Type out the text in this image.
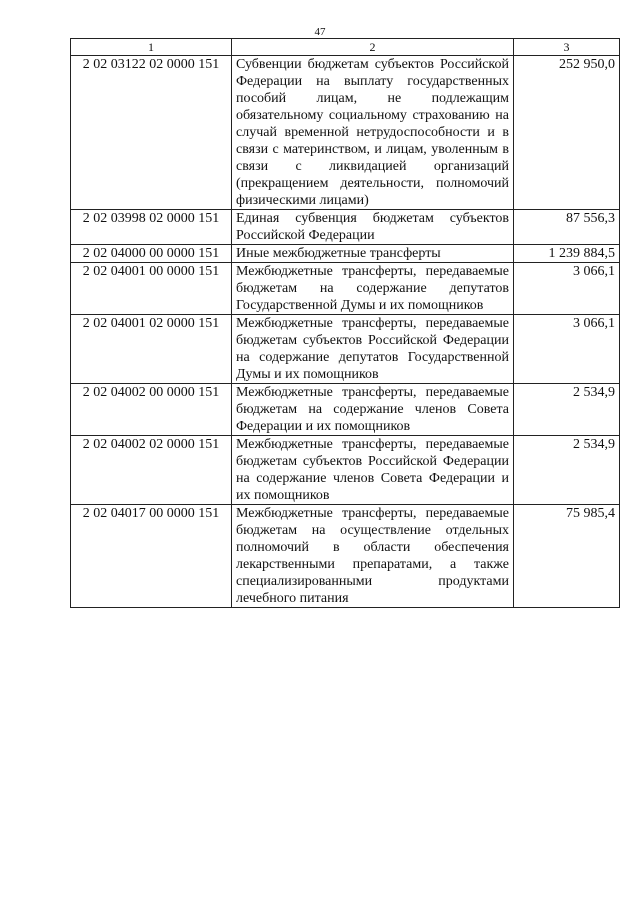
47
1	2	3
2 02 03122 02 0000 151	Субвенции бюджетам субъектов Российской Федерации на выплату государственных пособий лицам, не подлежащим обязательному социальному страхованию на случай временной нетрудоспособности и в связи с материнством, и лицам, уволенным в связи с ликвидацией организаций (прекращением деятельности, полномочий физическими лицами)	252 950,0
2 02 03998 02 0000 151	Единая субвенция бюджетам субъектов Российской Федерации	87 556,3
2 02 04000 00 0000 151	Иные межбюджетные трансферты	1 239 884,5
2 02 04001 00 0000 151	Межбюджетные трансферты, передаваемые бюджетам на содержание депутатов Государственной Думы и их помощников	3 066,1
2 02 04001 02 0000 151	Межбюджетные трансферты, передаваемые бюджетам субъектов Российской Федерации на содержание депутатов Государственной Думы и их помощников	3 066,1
2 02 04002 00 0000 151	Межбюджетные трансферты, передаваемые бюджетам на содержание членов Совета Федерации и их помощников	2 534,9
2 02 04002 02 0000 151	Межбюджетные трансферты, передаваемые бюджетам субъектов Российской Федерации на содержание членов Совета Федерации и их помощников	2 534,9
2 02 04017 00 0000 151	Межбюджетные трансферты, передаваемые бюджетам на осуществление отдельных полномочий в области обеспечения лекарственными препаратами, а также специализированными продуктами лечебного питания	75 985,4
